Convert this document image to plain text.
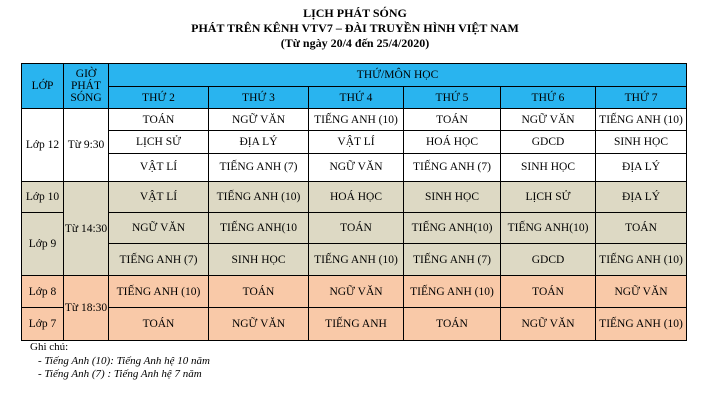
LỊCH PHÁT SÓNG
PHÁT TRÊN KÊNH VTV7 – ĐÀI TRUYỀN HÌNH VIỆT NAM
(Từ ngày 20/4 đến 25/4/2020)
LỚP	GIỜ PHÁT SÓNG	THỨ/MÔN HỌC					
		THỨ 2	THỨ 3	THỨ 4	THỨ 5	THỨ 6	THỨ 7
Lớp 12	Từ 9:30	TOÁN	NGỮ VĂN	TIẾNG ANH (10)	TOÁN	NGỮ VĂN	TIẾNG ANH (10)
		LỊCH SỬ	ĐỊA LÝ	VẬT LÍ	HOÁ HỌC	GDCD	SINH HỌC
		VẬT LÍ	TIẾNG ANH (7)	NGỮ VĂN	TIẾNG ANH (7)	SINH HỌC	ĐỊA LÝ
Lớp 10	Từ 14:30	VẬT LÍ	TIẾNG ANH (10)	HOÁ HỌC	SINH HỌC	LỊCH SỬ	ĐỊA LÝ
Lớp 9		NGỮ VĂN	TIẾNG ANH(10	TOÁN	TIẾNG ANH(10)	TIẾNG ANH(10)	TOÁN
		TIẾNG ANH (7)	SINH HỌC	TIẾNG ANH (10)	TIẾNG ANH (7)	GDCD	TIẾNG ANH (10)
Lớp 8	Từ 18:30	TIẾNG ANH (10)	TOÁN	NGỮ VĂN	TIẾNG ANH (10)	TOÁN	NGỮ VĂN
Lớp 7		TOÁN	NGỮ VĂN	TIẾNG ANH	TOÁN	NGỮ VĂN	TIẾNG ANH (10)
Ghi chú:
- Tiếng Anh (10): Tiếng Anh hệ 10 năm
- Tiếng Anh (7) : Tiếng Anh hệ 7 năm
